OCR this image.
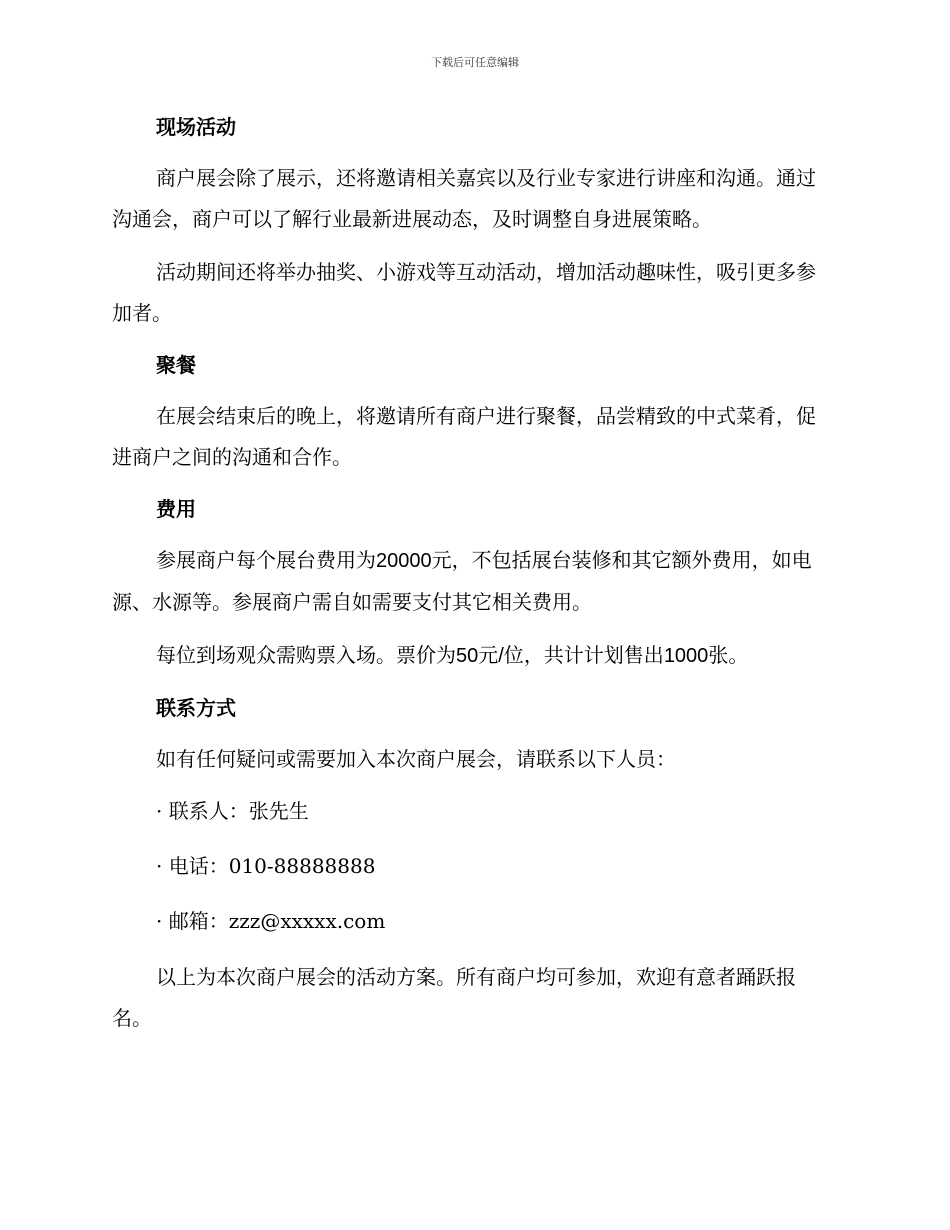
下载后可任意编辑
现场活动

商户展会除了展示，还将邀请相关嘉宾以及行业专家进行讲座和沟通。通过沟通会，商户可以了解行业最新进展动态，及时调整自身进展策略。

活动期间还将举办抽奖、小游戏等互动活动，增加活动趣味性，吸引更多参加者。

聚餐

在展会结束后的晚上，将邀请所有商户进行聚餐，品尝精致的中式菜肴，促进商户之间的沟通和合作。

费用

参展商户每个展台费用为20000元，不包括展台装修和其它额外费用，如电源、水源等。参展商户需自如需要支付其它相关费用。

每位到场观众需购票入场。票价为50元/位，共计计划售出1000张。

联系方式

如有任何疑问或需要加入本次商户展会，请联系以下人员：

· 联系人：张先生
· 电话：010-88888888
· 邮箱：zzz@xxxxx.com

以上为本次商户展会的活动方案。所有商户均可参加，欢迎有意者踊跃报名。
